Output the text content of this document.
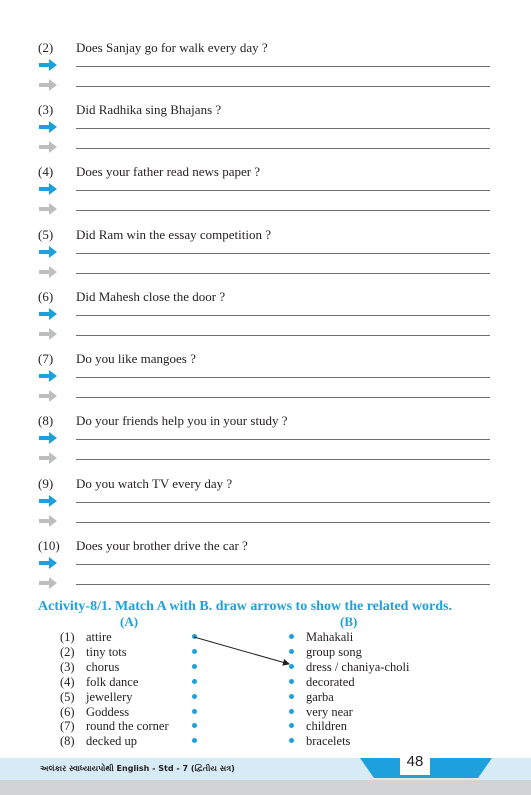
(2) Does Sanjay go for walk every day ?
(3) Did Radhika sing Bhajans ?
(4) Does your father read news paper ?
(5) Did Ram win the essay competition ?
(6) Did Mahesh close the door ?
(7) Do you like mangoes ?
(8) Do your friends help you in your study ?
(9) Do you watch TV every day ?
(10) Does your brother drive the car ?
Activity-8/1. Match A with B. draw arrows to show the related words.
(A)	(B)
(1) attire	Mahakali
(2) tiny tots	group song
(3) chorus	dress / chaniya-choli
(4) folk dance	decorated
(5) jewellery	garba
(6) Goddess	very near
(7) round the corner	children
(8) decked up	bracelets
અલંકાર સ્વાધ્યાયપોથી English - Std - 7 (દ્વિતીય સત્ર)	48
